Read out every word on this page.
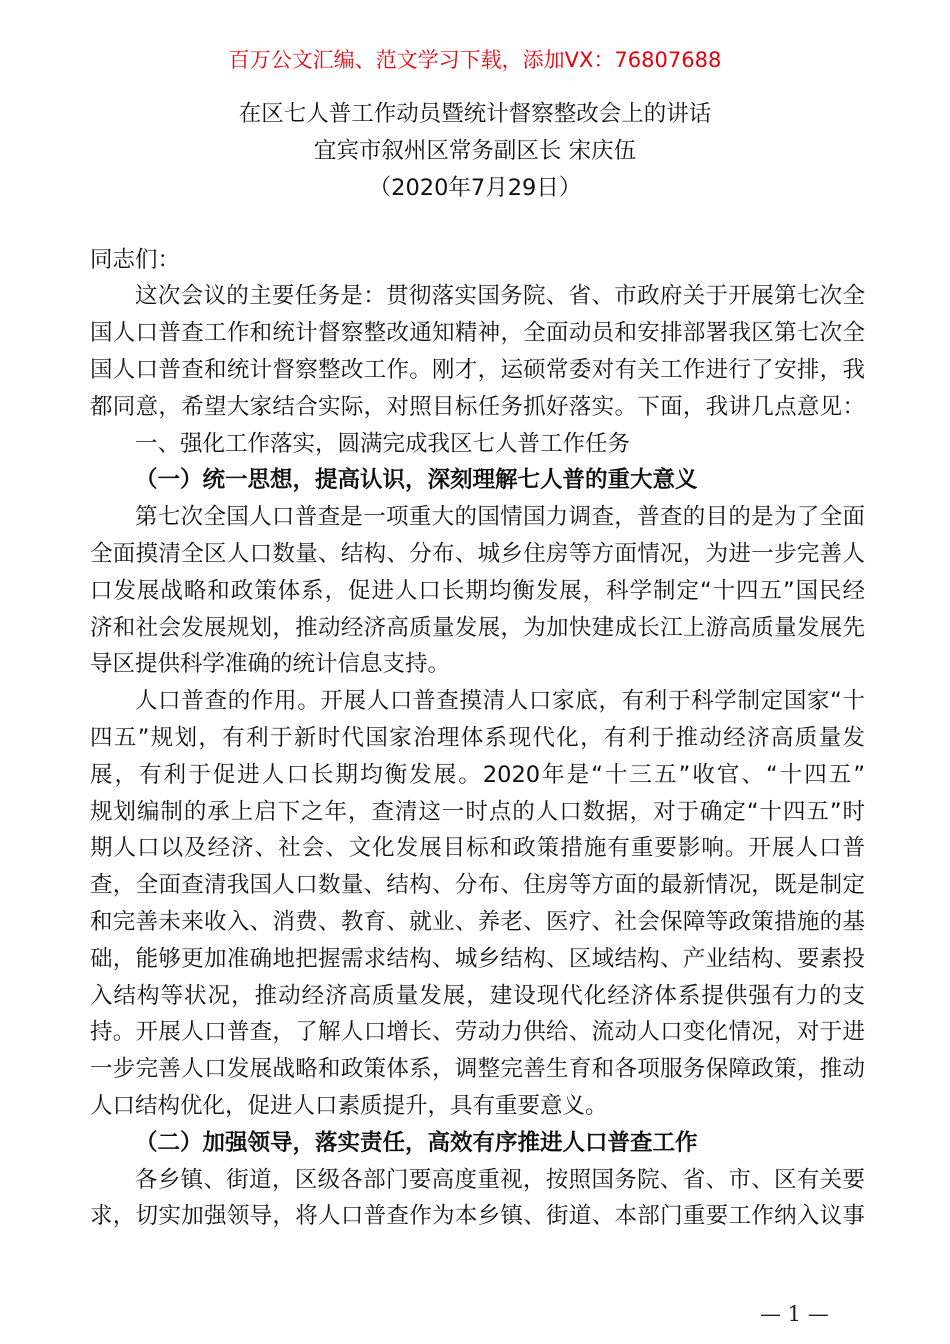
百万公文汇编、范文学习下载，添加VX：76807688
在区七人普工作动员暨统计督察整改会上的讲话
宜宾市叙州区常务副区长 宋庆伍
（2020年7月29日）
同志们：
这次会议的主要任务是：贯彻落实国务院、省、市政府关于开展第七次全
国人口普查工作和统计督察整改通知精神，全面动员和安排部署我区第七次全
国人口普查和统计督察整改工作。刚才，运硕常委对有关工作进行了安排，我
都同意，希望大家结合实际，对照目标任务抓好落实。下面，我讲几点意见：
一、强化工作落实，圆满完成我区七人普工作任务
（一）统一思想，提高认识，深刻理解七人普的重大意义
第七次全国人口普查是一项重大的国情国力调查，普查的目的是为了全面
全面摸清全区人口数量、结构、分布、城乡住房等方面情况，为进一步完善人
口发展战略和政策体系，促进人口长期均衡发展，科学制定“十四五”国民经
济和社会发展规划，推动经济高质量发展，为加快建成长江上游高质量发展先
导区提供科学准确的统计信息支持。
人口普查的作用。开展人口普查摸清人口家底，有利于科学制定国家“十
四五”规划，有利于新时代国家治理体系现代化，有利于推动经济高质量发
展，有利于促进人口长期均衡发展。2020年是“十三五”收官、“十四五”
规划编制的承上启下之年，查清这一时点的人口数据，对于确定“十四五”时
期人口以及经济、社会、文化发展目标和政策措施有重要影响。开展人口普
查，全面查清我国人口数量、结构、分布、住房等方面的最新情况，既是制定
和完善未来收入、消费、教育、就业、养老、医疗、社会保障等政策措施的基
础，能够更加准确地把握需求结构、城乡结构、区域结构、产业结构、要素投
入结构等状况，推动经济高质量发展，建设现代化经济体系提供强有力的支
持。开展人口普查，了解人口增长、劳动力供给、流动人口变化情况，对于进
一步完善人口发展战略和政策体系，调整完善生育和各项服务保障政策，推动
人口结构优化，促进人口素质提升，具有重要意义。
（二）加强领导，落实责任，高效有序推进人口普查工作
各乡镇、街道，区级各部门要高度重视，按照国务院、省、市、区有关要
求，切实加强领导，将人口普查作为本乡镇、街道、本部门重要工作纳入议事
— 1 —
